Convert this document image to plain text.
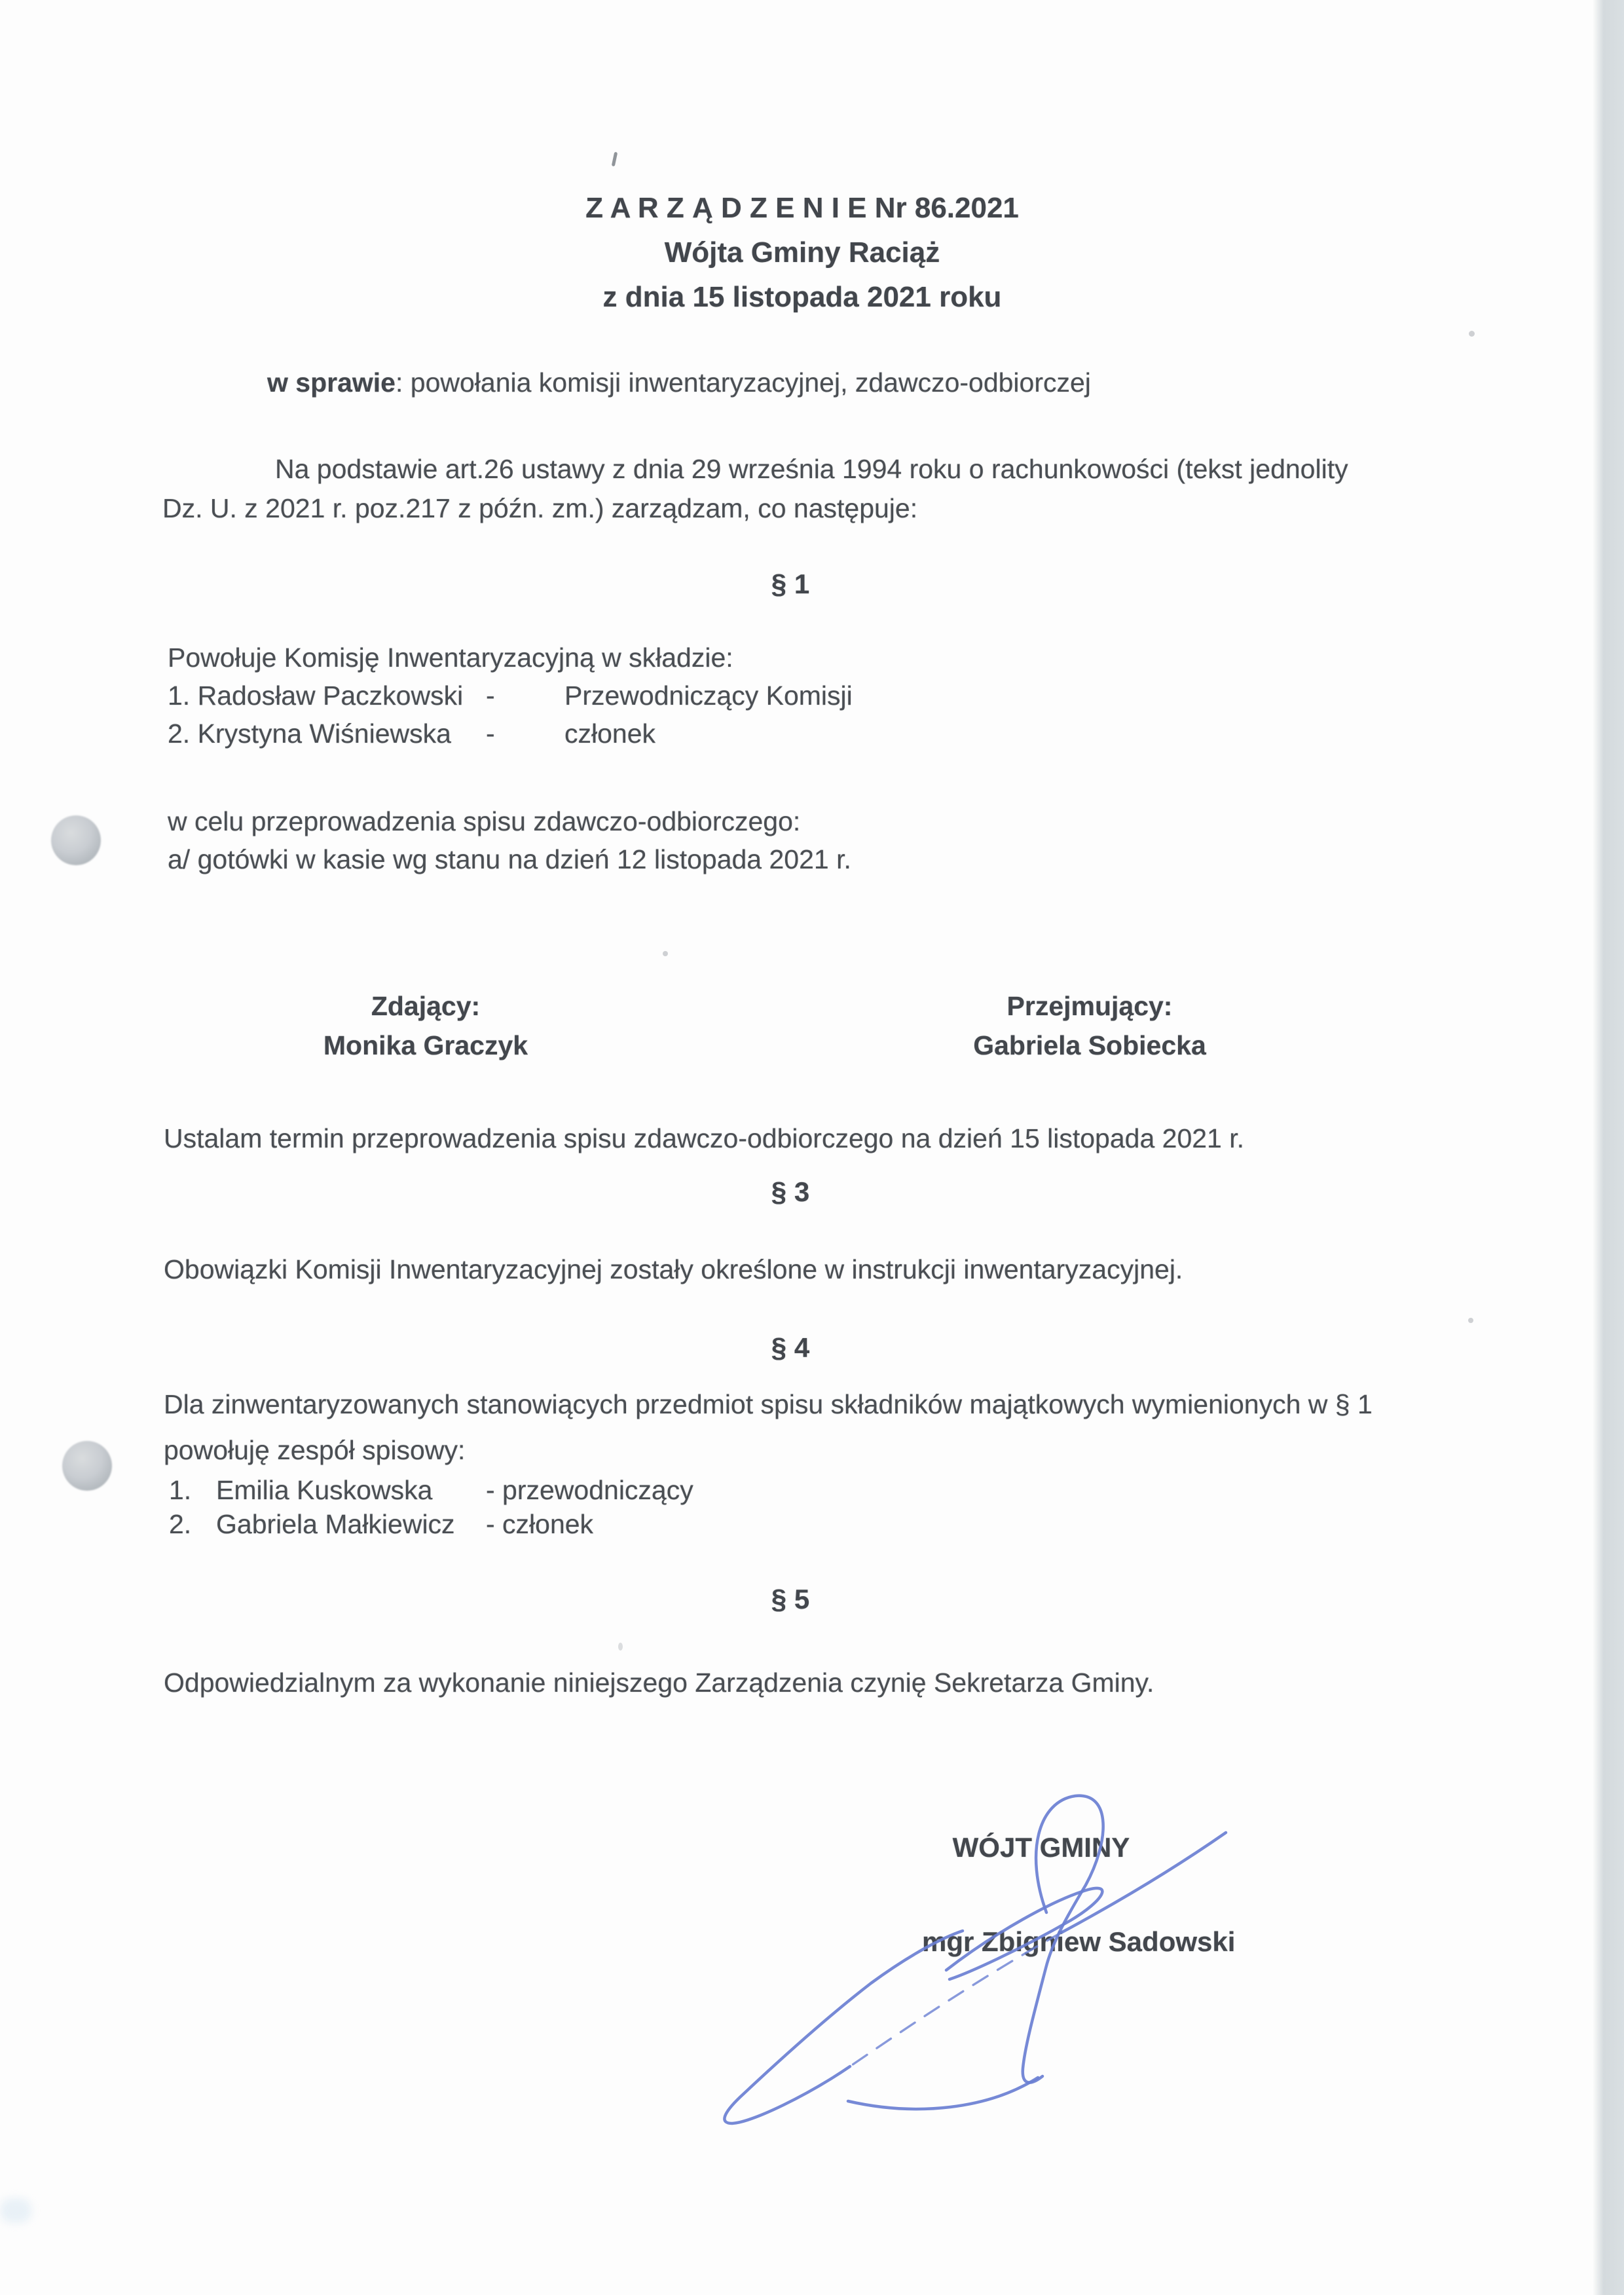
Z A R Z Ą D Z E N I E Nr 86.2021
Wójta Gminy Raciąż
z dnia 15 listopada 2021 roku
w sprawie: powołania komisji inwentaryzacyjnej, zdawczo-odbiorczej
Na podstawie art.26 ustawy z dnia 29 września 1994 roku o rachunkowości (tekst jednolity
Dz. U. z 2021 r. poz.217 z późn. zm.) zarządzam, co następuje:
§ 1
Powołuje Komisję Inwentaryzacyjną w składzie:
1. Radosław Paczkowski -	Przewodniczący Komisji
2. Krystyna Wiśniewska -	członek
w celu przeprowadzenia spisu zdawczo-odbiorczego:
a/ gotówki w kasie wg stanu na dzień 12 listopada 2021 r.
Zdający:
Monika Graczyk
Przejmujący:
Gabriela Sobiecka
Ustalam termin przeprowadzenia spisu zdawczo-odbiorczego na dzień 15 listopada 2021 r.
§ 3
Obowiązki Komisji Inwentaryzacyjnej zostały określone w instrukcji inwentaryzacyjnej.
§ 4
Dla zinwentaryzowanych stanowiących przedmiot spisu składników majątkowych wymienionych w § 1
powołuję zespół spisowy:
1. Emilia Kuskowska - przewodniczący
2. Gabriela Małkiewicz - członek
§ 5
Odpowiedzialnym za wykonanie niniejszego Zarządzenia czynię Sekretarza Gminy.
WÓJT GMINY
mgr Zbigniew Sadowski
